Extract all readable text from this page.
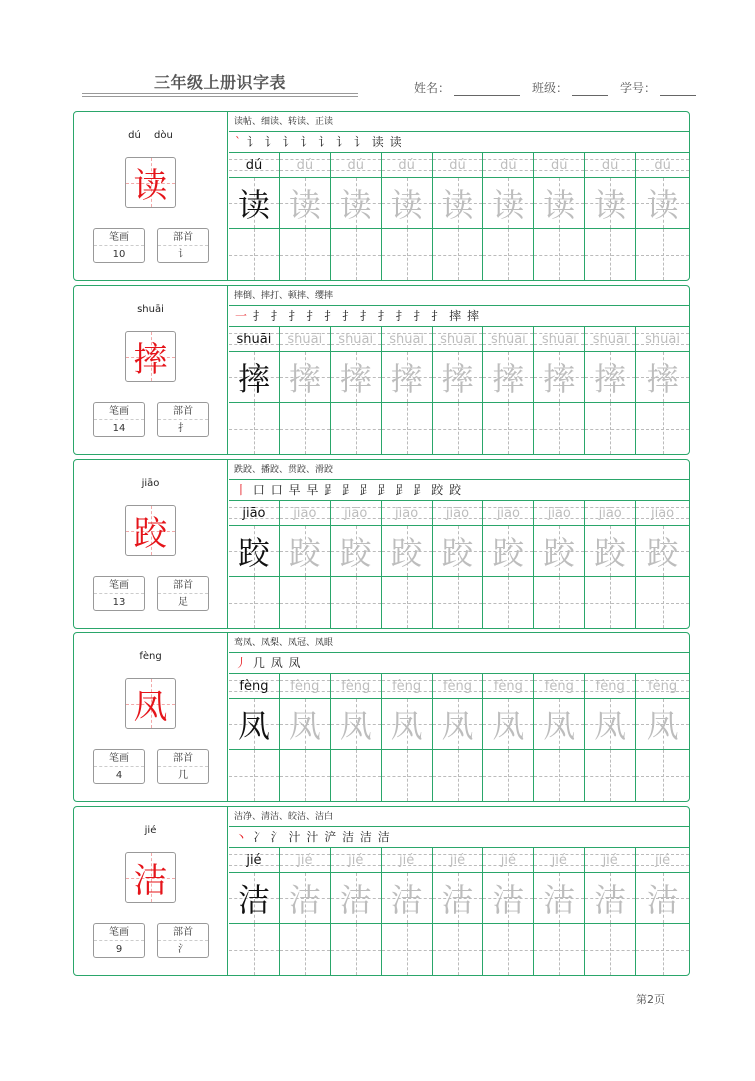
三年级上册识字表	姓名：	班级：	学号：
dú dòu
读
笔画
10
部首
讠
读帖、细读、转读、正读
` 讠 讠 讠 讠 讠 讠 讠 读 读
dú
读
dú
读
dú
读
dú
读
dú
读
dú
读
dú
读
dú
读
dú
读
shuāi
摔
笔画
14
部首
扌
摔倒、摔打、顿摔、缨摔
一 扌 扌 扌 扌 扌 扌 扌 扌 扌 扌 扌 摔 摔
shuāi
摔
shuāi
摔
shuāi
摔
shuāi
摔
shuāi
摔
shuāi
摔
shuāi
摔
shuāi
摔
shuāi
摔
jiāo
跤
笔画
13
部首
足
跌跤、播跤、贯跤、滑跤
丨 口 口 早 早 𧾷 𧾷 𧾷 𧾷 𧾷 𧾷 跤 跤
jiāo
跤
jiāo
跤
jiāo
跤
jiāo
跤
jiāo
跤
jiāo
跤
jiāo
跤
jiāo
跤
jiāo
跤
fèng
凤
笔画
4
部首
几
鸾凤、凤梨、凤冠、凤眼
丿 几 凤 凤
fèng
凤
fèng
凤
fèng
凤
fèng
凤
fèng
凤
fèng
凤
fèng
凤
fèng
凤
fèng
凤
jié
洁
笔画
9
部首
氵
洁净、清洁、皎洁、洁白
丶 冫 氵 汁 汁 浐 洁 洁 洁
jié
洁
jié
洁
jié
洁
jié
洁
jié
洁
jié
洁
jié
洁
jié
洁
jié
洁
第2页
